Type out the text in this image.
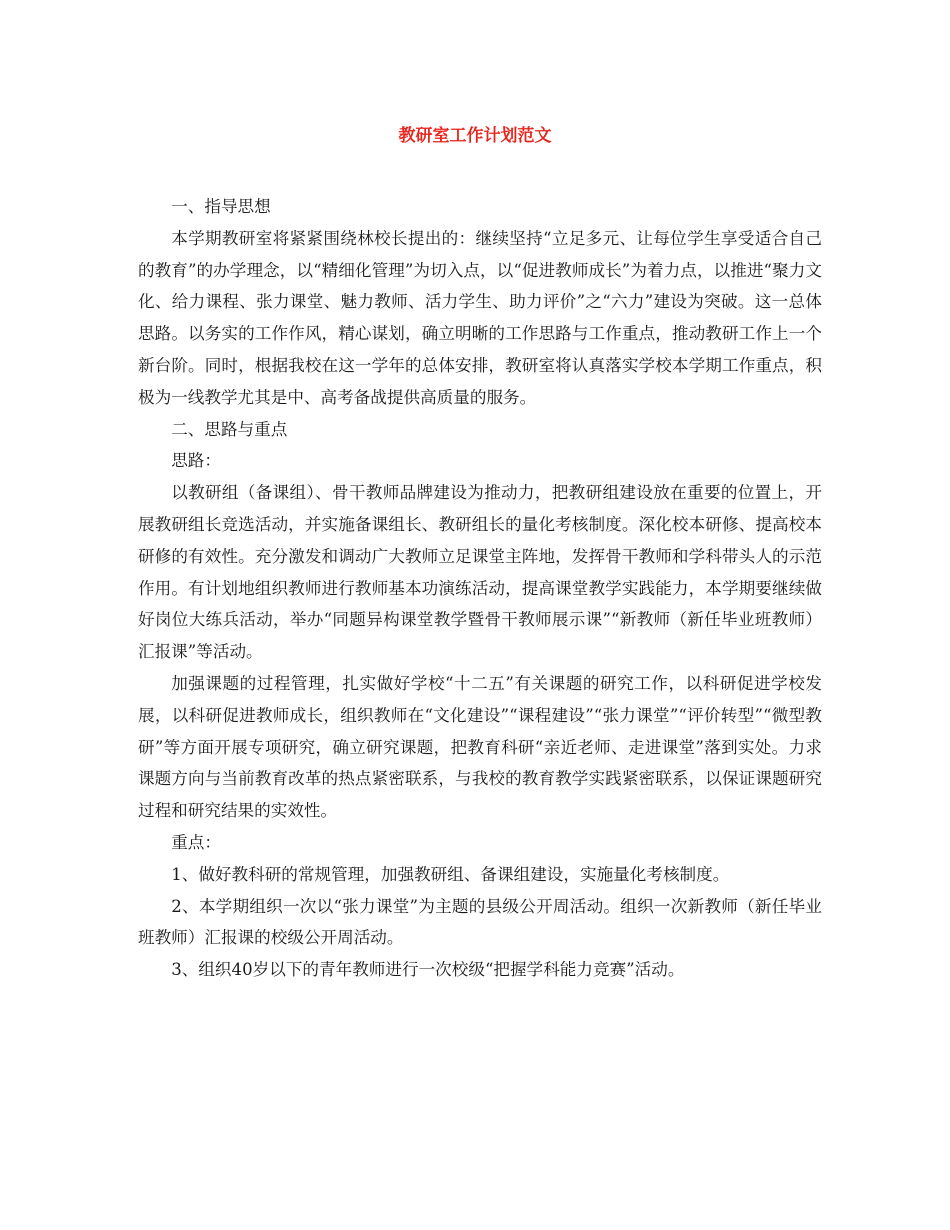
教研室工作计划范文

一、指导思想

本学期教研室将紧紧围绕林校长提出的：继续坚持“立足多元、让每位学生享受适合自己的教育”的办学理念，以“精细化管理”为切入点，以“促进教师成长”为着力点，以推进“聚力文化、给力课程、张力课堂、魅力教师、活力学生、助力评价”之“六力”建设为突破。这一总体思路。以务实的工作作风，精心谋划，确立明晰的工作思路与工作重点，推动教研工作上一个新台阶。同时，根据我校在这一学年的总体安排，教研室将认真落实学校本学期工作重点，积极为一线教学尤其是中、高考备战提供高质量的服务。

二、思路与重点

思路：

以教研组（备课组）、骨干教师品牌建设为推动力，把教研组建设放在重要的位置上，开展教研组长竞选活动，并实施备课组长、教研组长的量化考核制度。深化校本研修、提高校本研修的有效性。充分激发和调动广大教师立足课堂主阵地，发挥骨干教师和学科带头人的示范作用。有计划地组织教师进行教师基本功演练活动，提高课堂教学实践能力，本学期要继续做好岗位大练兵活动，举办“同题异构课堂教学暨骨干教师展示课”“新教师（新任毕业班教师）汇报课”等活动。

加强课题的过程管理，扎实做好学校“十二五”有关课题的研究工作，以科研促进学校发展，以科研促进教师成长，组织教师在“文化建设”“课程建设”“张力课堂”“评价转型”“微型教研”等方面开展专项研究，确立研究课题，把教育科研“亲近老师、走进课堂”落到实处。力求课题方向与当前教育改革的热点紧密联系，与我校的教育教学实践紧密联系，以保证课题研究过程和研究结果的实效性。

重点：

1、做好教科研的常规管理，加强教研组、备课组建设，实施量化考核制度。

2、本学期组织一次以“张力课堂”为主题的县级公开周活动。组织一次新教师（新任毕业班教师）汇报课的校级公开周活动。

3、组织40岁以下的青年教师进行一次校级“把握学科能力竞赛”活动。
